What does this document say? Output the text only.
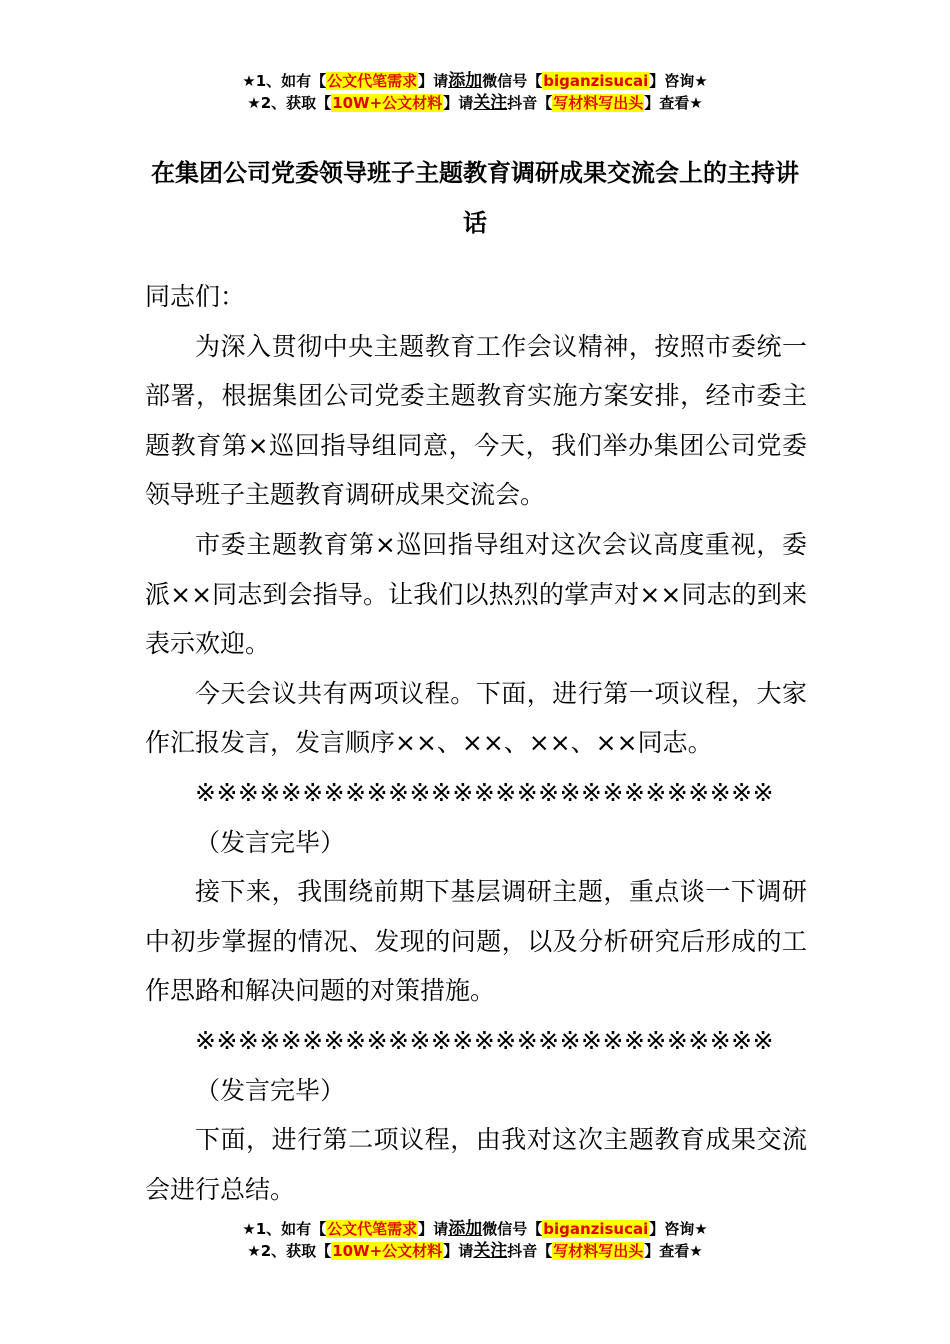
★1、如有【公文代笔需求】请添加微信号【biganzisucai】咨询★
★2、获取【10W+公文材料】请关注抖音【写材料写出头】查看★
在集团公司党委领导班子主题教育调研成果交流会上的主持讲话

同志们：

为深入贯彻中央主题教育工作会议精神，按照市委统一部署，根据集团公司党委主题教育实施方案安排，经市委主题教育第×巡回指导组同意，今天，我们举办集团公司党委领导班子主题教育调研成果交流会。

市委主题教育第×巡回指导组对这次会议高度重视，委派××同志到会指导。让我们以热烈的掌声对××同志的到来表示欢迎。

今天会议共有两项议程。下面，进行第一项议程，大家作汇报发言，发言顺序××、××、××、××同志。

※※※※※※※※※※※※※※※※※※※※※※※※※※※

（发言完毕）

接下来，我围绕前期下基层调研主题，重点谈一下调研中初步掌握的情况、发现的问题，以及分析研究后形成的工作思路和解决问题的对策措施。

※※※※※※※※※※※※※※※※※※※※※※※※※※※

（发言完毕）

下面，进行第二项议程，由我对这次主题教育成果交流会进行总结。

★1、如有【公文代笔需求】请添加微信号【biganzisucai】咨询★
★2、获取【10W+公文材料】请关注抖音【写材料写出头】查看★
